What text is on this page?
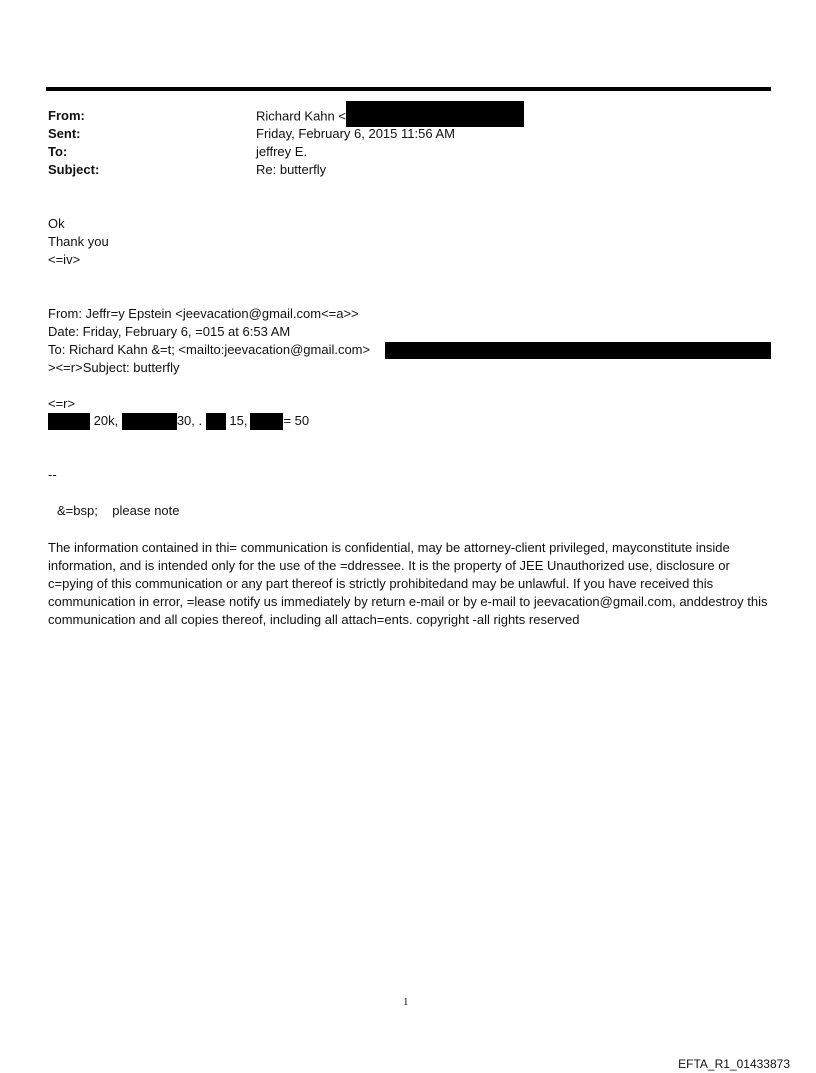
From:
Sent:
To:
Subject:
Richard Kahn <
Friday, February 6, 2015 11:56 AM
jeffrey E.
Re: butterfly
Ok
Thank you
<=iv>
From: Jeffr=y Epstein <jeevacation@gmail.com<=a>>
Date: Friday, February 6, =015 at 6:53 AM
To: Richard Kahn &=t; <mailto:jeevacation@gmail.com>
><=r>Subject: butterfly
<=r>
20k,	30, . 15,	= 50
--
&=bsp;    please note
The information contained in thi= communication is confidential, may be attorney-client privileged, mayconstitute inside information, and is intended only for the use of the =ddressee. It is the property of JEE Unauthorized use, disclosure or c=pying of this communication or any part thereof is strictly prohibitedand may be unlawful. If you have received this communication in error, =lease notify us immediately by return e-mail or by e-mail to jeevacation@gmail.com, anddestroy this communication and all copies thereof, including all attach=ents. copyright -all rights reserved
1
EFTA_R1_01433873
